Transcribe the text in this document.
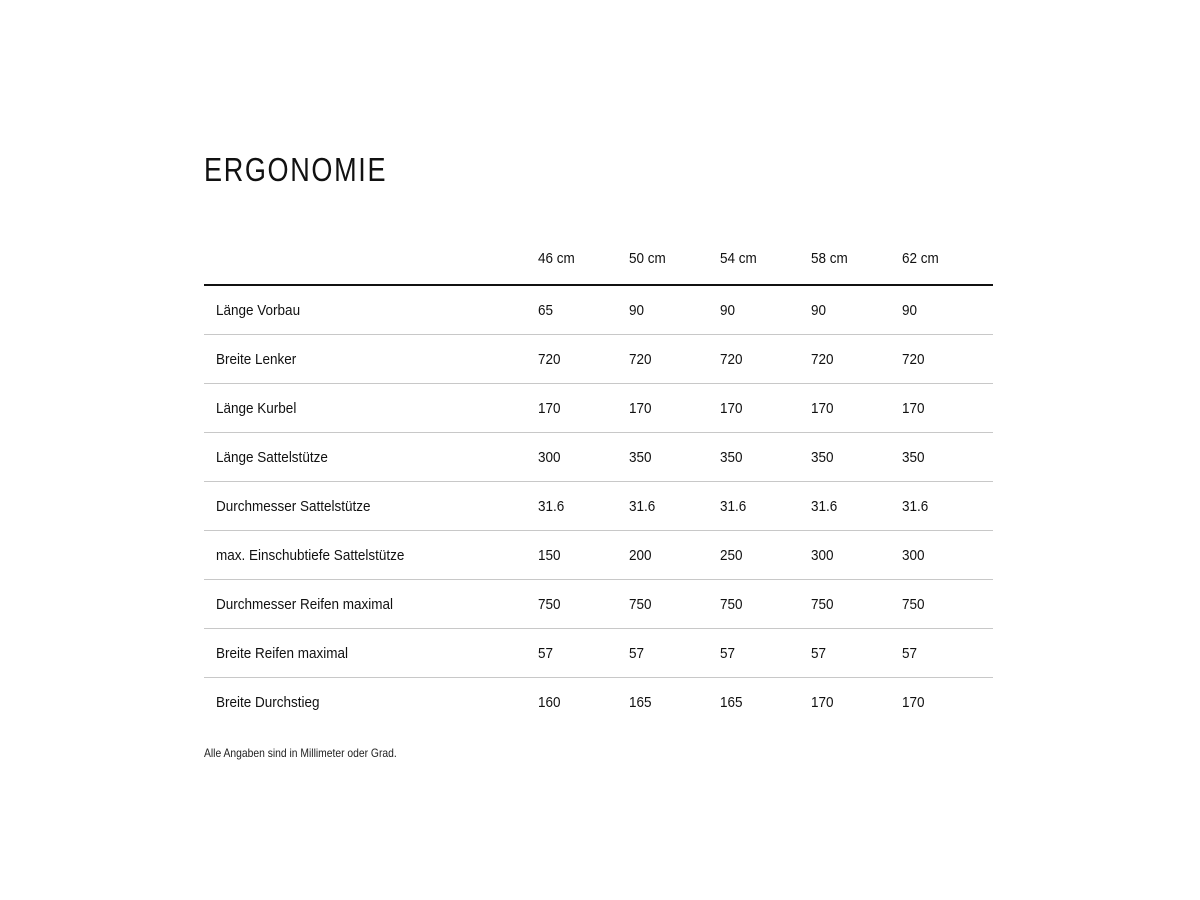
ERGONOMIE
	46 cm	50 cm	54 cm	58 cm	62 cm
Länge Vorbau	65	90	90	90	90
Breite Lenker	720	720	720	720	720
Länge Kurbel	170	170	170	170	170
Länge Sattelstütze	300	350	350	350	350
Durchmesser Sattelstütze	31.6	31.6	31.6	31.6	31.6
max. Einschubtiefe Sattelstütze	150	200	250	300	300
Durchmesser Reifen maximal	750	750	750	750	750
Breite Reifen maximal	57	57	57	57	57
Breite Durchstieg	160	165	165	170	170
Alle Angaben sind in Millimeter oder Grad.
